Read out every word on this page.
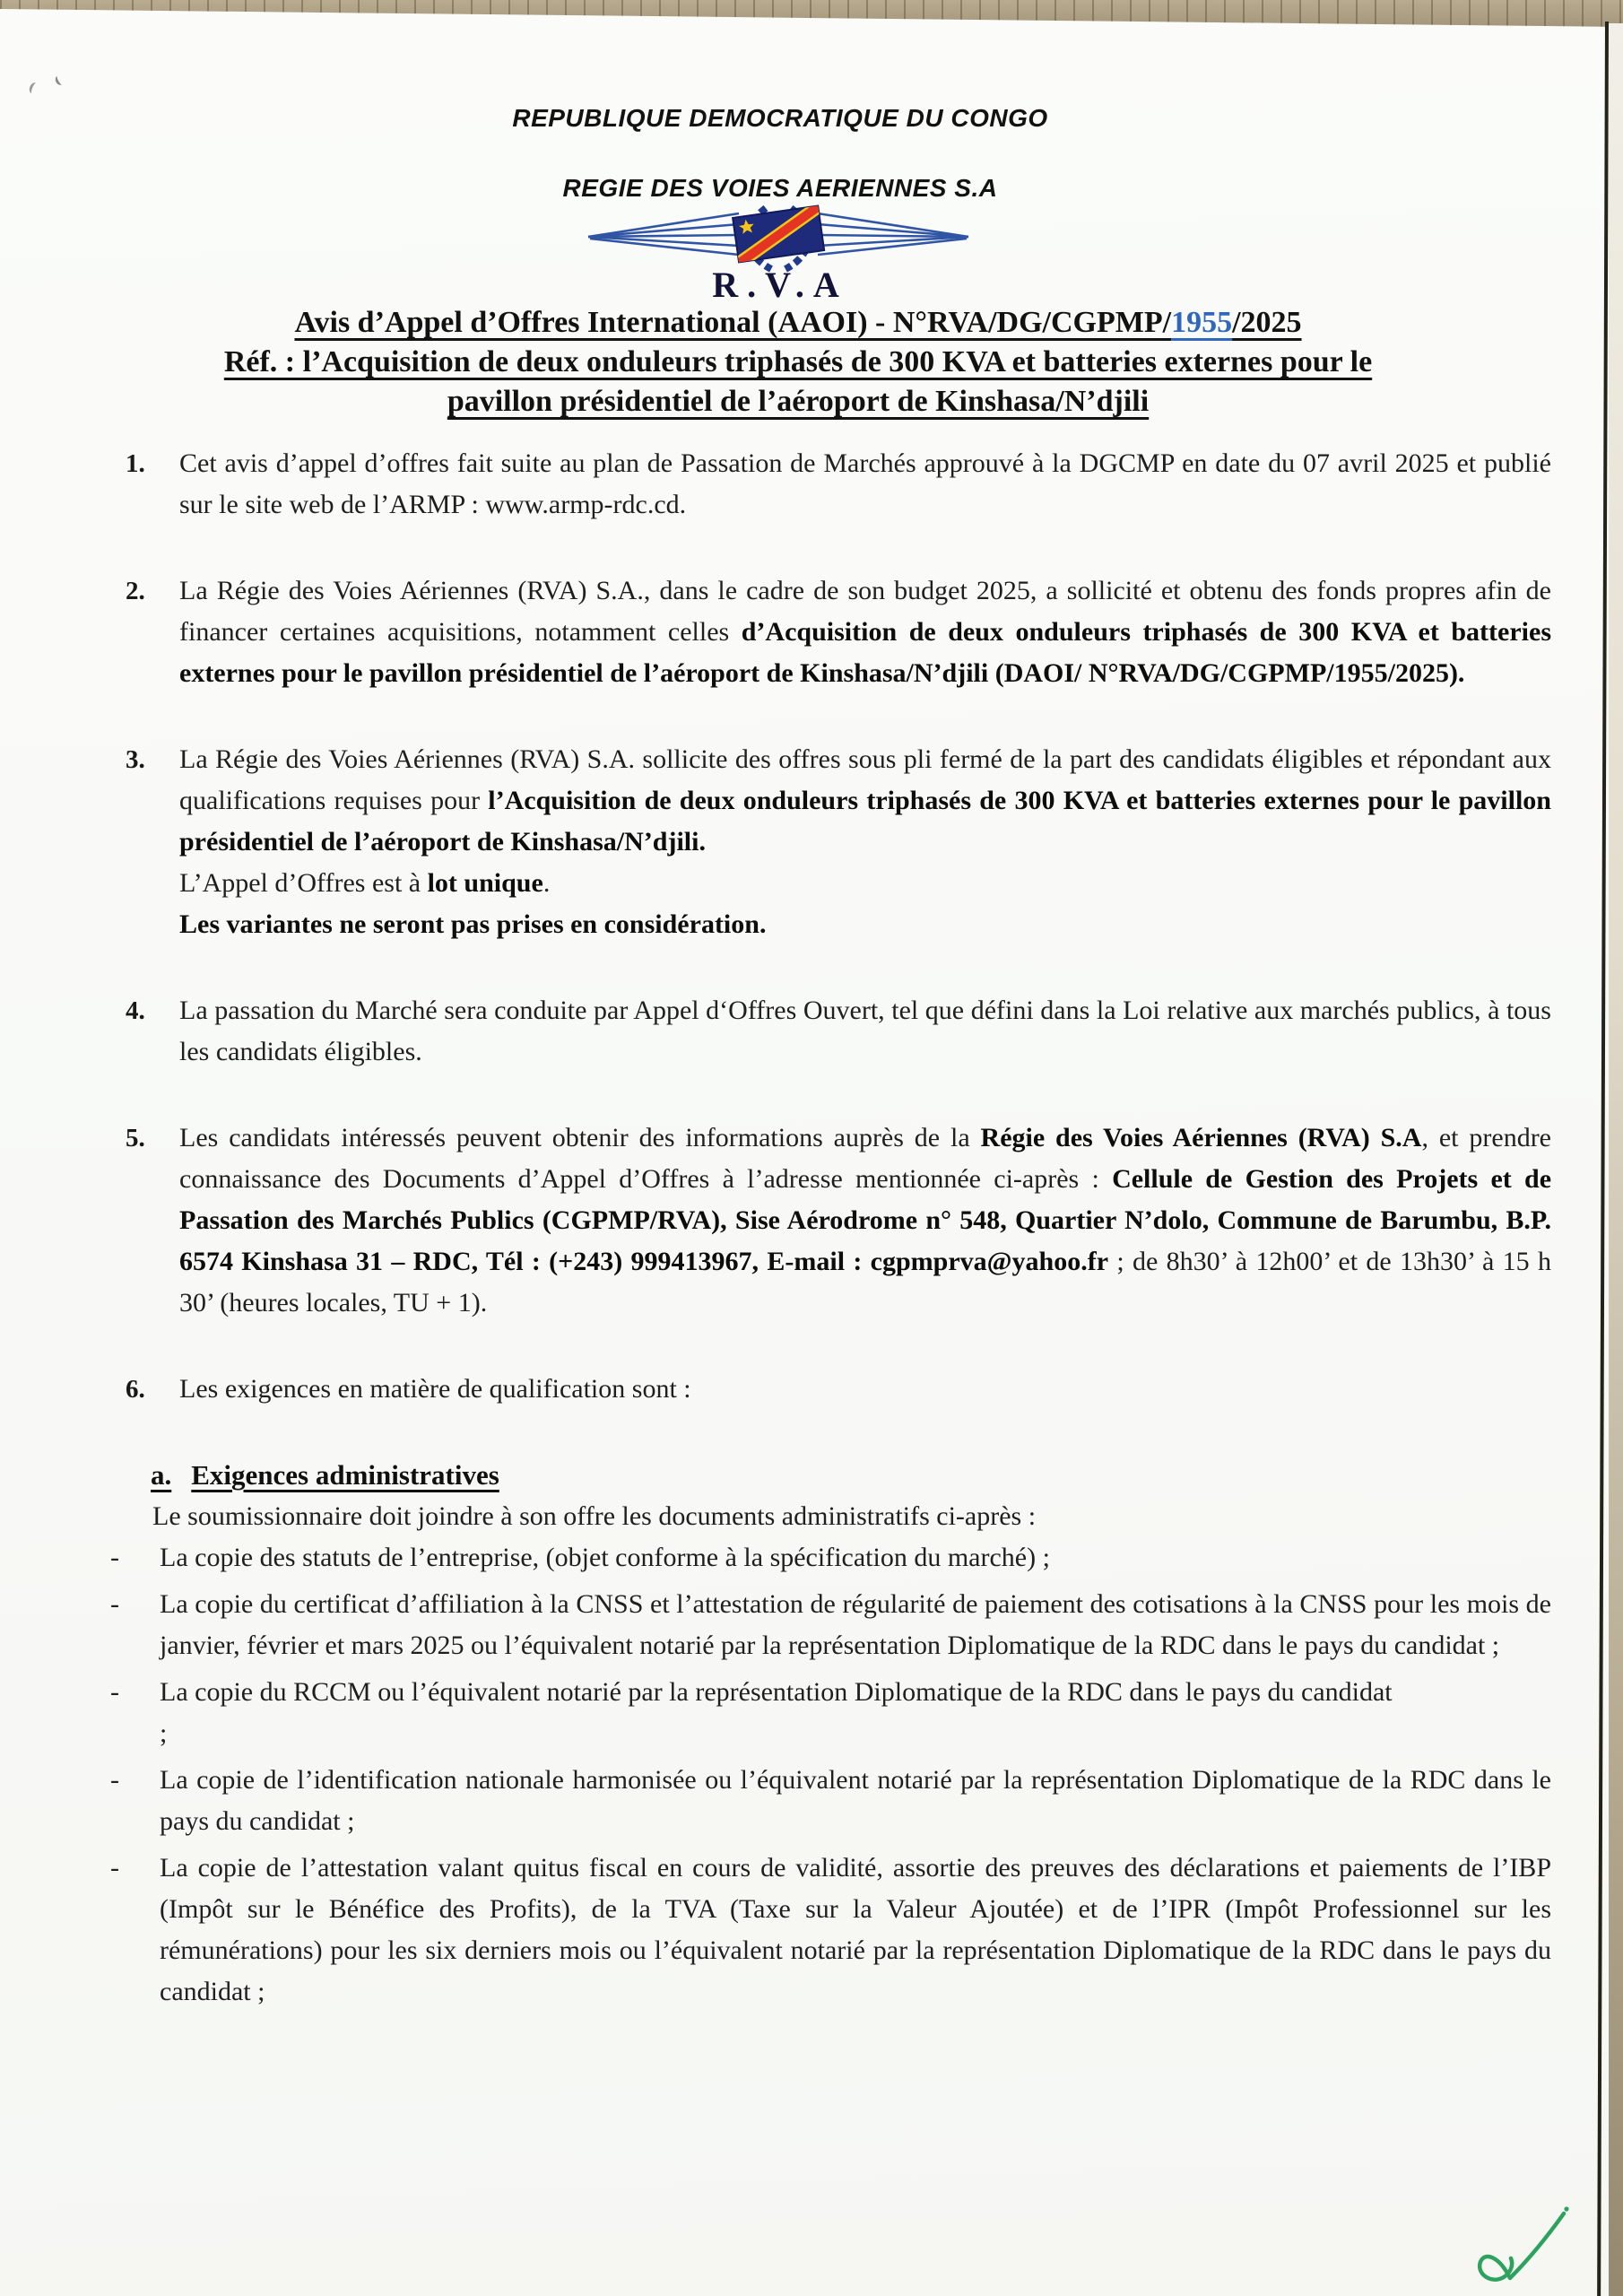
REPUBLIQUE DEMOCRATIQUE DU CONGO
REGIE DES VOIES AERIENNES S.A
R.V.A
Avis d’Appel d’Offres International (AAOI) - N°RVA/DG/CGPMP/1955/2025
Réf. : l’Acquisition de deux onduleurs triphasés de 300 KVA et batteries externes pour le
pavillon présidentiel de l’aéroport de Kinshasa/N’djili
1.	Cet avis d’appel d’offres fait suite au plan de Passation de Marchés approuvé à la DGCMP en date du 07 avril 2025 et publié sur le site web de l’ARMP : www.armp-rdc.cd.
2.	La Régie des Voies Aériennes (RVA) S.A., dans le cadre de son budget 2025, a sollicité et obtenu des fonds propres afin de financer certaines acquisitions, notamment celles d’Acquisition de deux onduleurs triphasés de 300 KVA et batteries externes pour le pavillon présidentiel de l’aéroport de Kinshasa/N’djili (DAOI/ N°RVA/DG/CGPMP/1955/2025).
3.	La Régie des Voies Aériennes (RVA) S.A. sollicite des offres sous pli fermé de la part des candidats éligibles et répondant aux qualifications requises pour l’Acquisition de deux onduleurs triphasés de 300 KVA et batteries externes pour le pavillon présidentiel de l’aéroport de Kinshasa/N’djili.
L’Appel d’Offres est à lot unique.
Les variantes ne seront pas prises en considération.
4.	La passation du Marché sera conduite par Appel d‘Offres Ouvert, tel que défini dans la Loi relative aux marchés publics, à tous les candidats éligibles.
5.	Les candidats intéressés peuvent obtenir des informations auprès de la Régie des Voies Aériennes (RVA) S.A, et prendre connaissance des Documents d’Appel d’Offres à l’adresse mentionnée ci-après : Cellule de Gestion des Projets et de Passation des Marchés Publics (CGPMP/RVA), Sise Aérodrome n° 548, Quartier N’dolo, Commune de Barumbu, B.P. 6574 Kinshasa 31 – RDC, Tél : (+243) 999413967, E-mail : cgpmprva@yahoo.fr ; de 8h30’ à 12h00’ et de 13h30’ à 15 h 30’ (heures locales, TU + 1).
6.	Les exigences en matière de qualification sont :
a. Exigences administratives
Le soumissionnaire doit joindre à son offre les documents administratifs ci-après :
-	La copie des statuts de l’entreprise, (objet conforme à la spécification du marché) ;
-	La copie du certificat d’affiliation à la CNSS et l’attestation de régularité de paiement des cotisations à la CNSS pour les mois de janvier, février et mars 2025 ou l’équivalent notarié par la représentation Diplomatique de la RDC dans le pays du candidat ;
-	La copie du RCCM ou l’équivalent notarié par la représentation Diplomatique de la RDC dans le pays du candidat
;
-	La copie de l’identification nationale harmonisée ou l’équivalent notarié par la représentation Diplomatique de la RDC dans le pays du candidat ;
-	La copie de l’attestation valant quitus fiscal en cours de validité, assortie des preuves des déclarations et paiements de l’IBP (Impôt sur le Bénéfice des Profits), de la TVA (Taxe sur la Valeur Ajoutée) et de l’IPR (Impôt Professionnel sur les rémunérations) pour les six derniers mois ou l’équivalent notarié par la représentation Diplomatique de la RDC dans le pays du candidat ;
